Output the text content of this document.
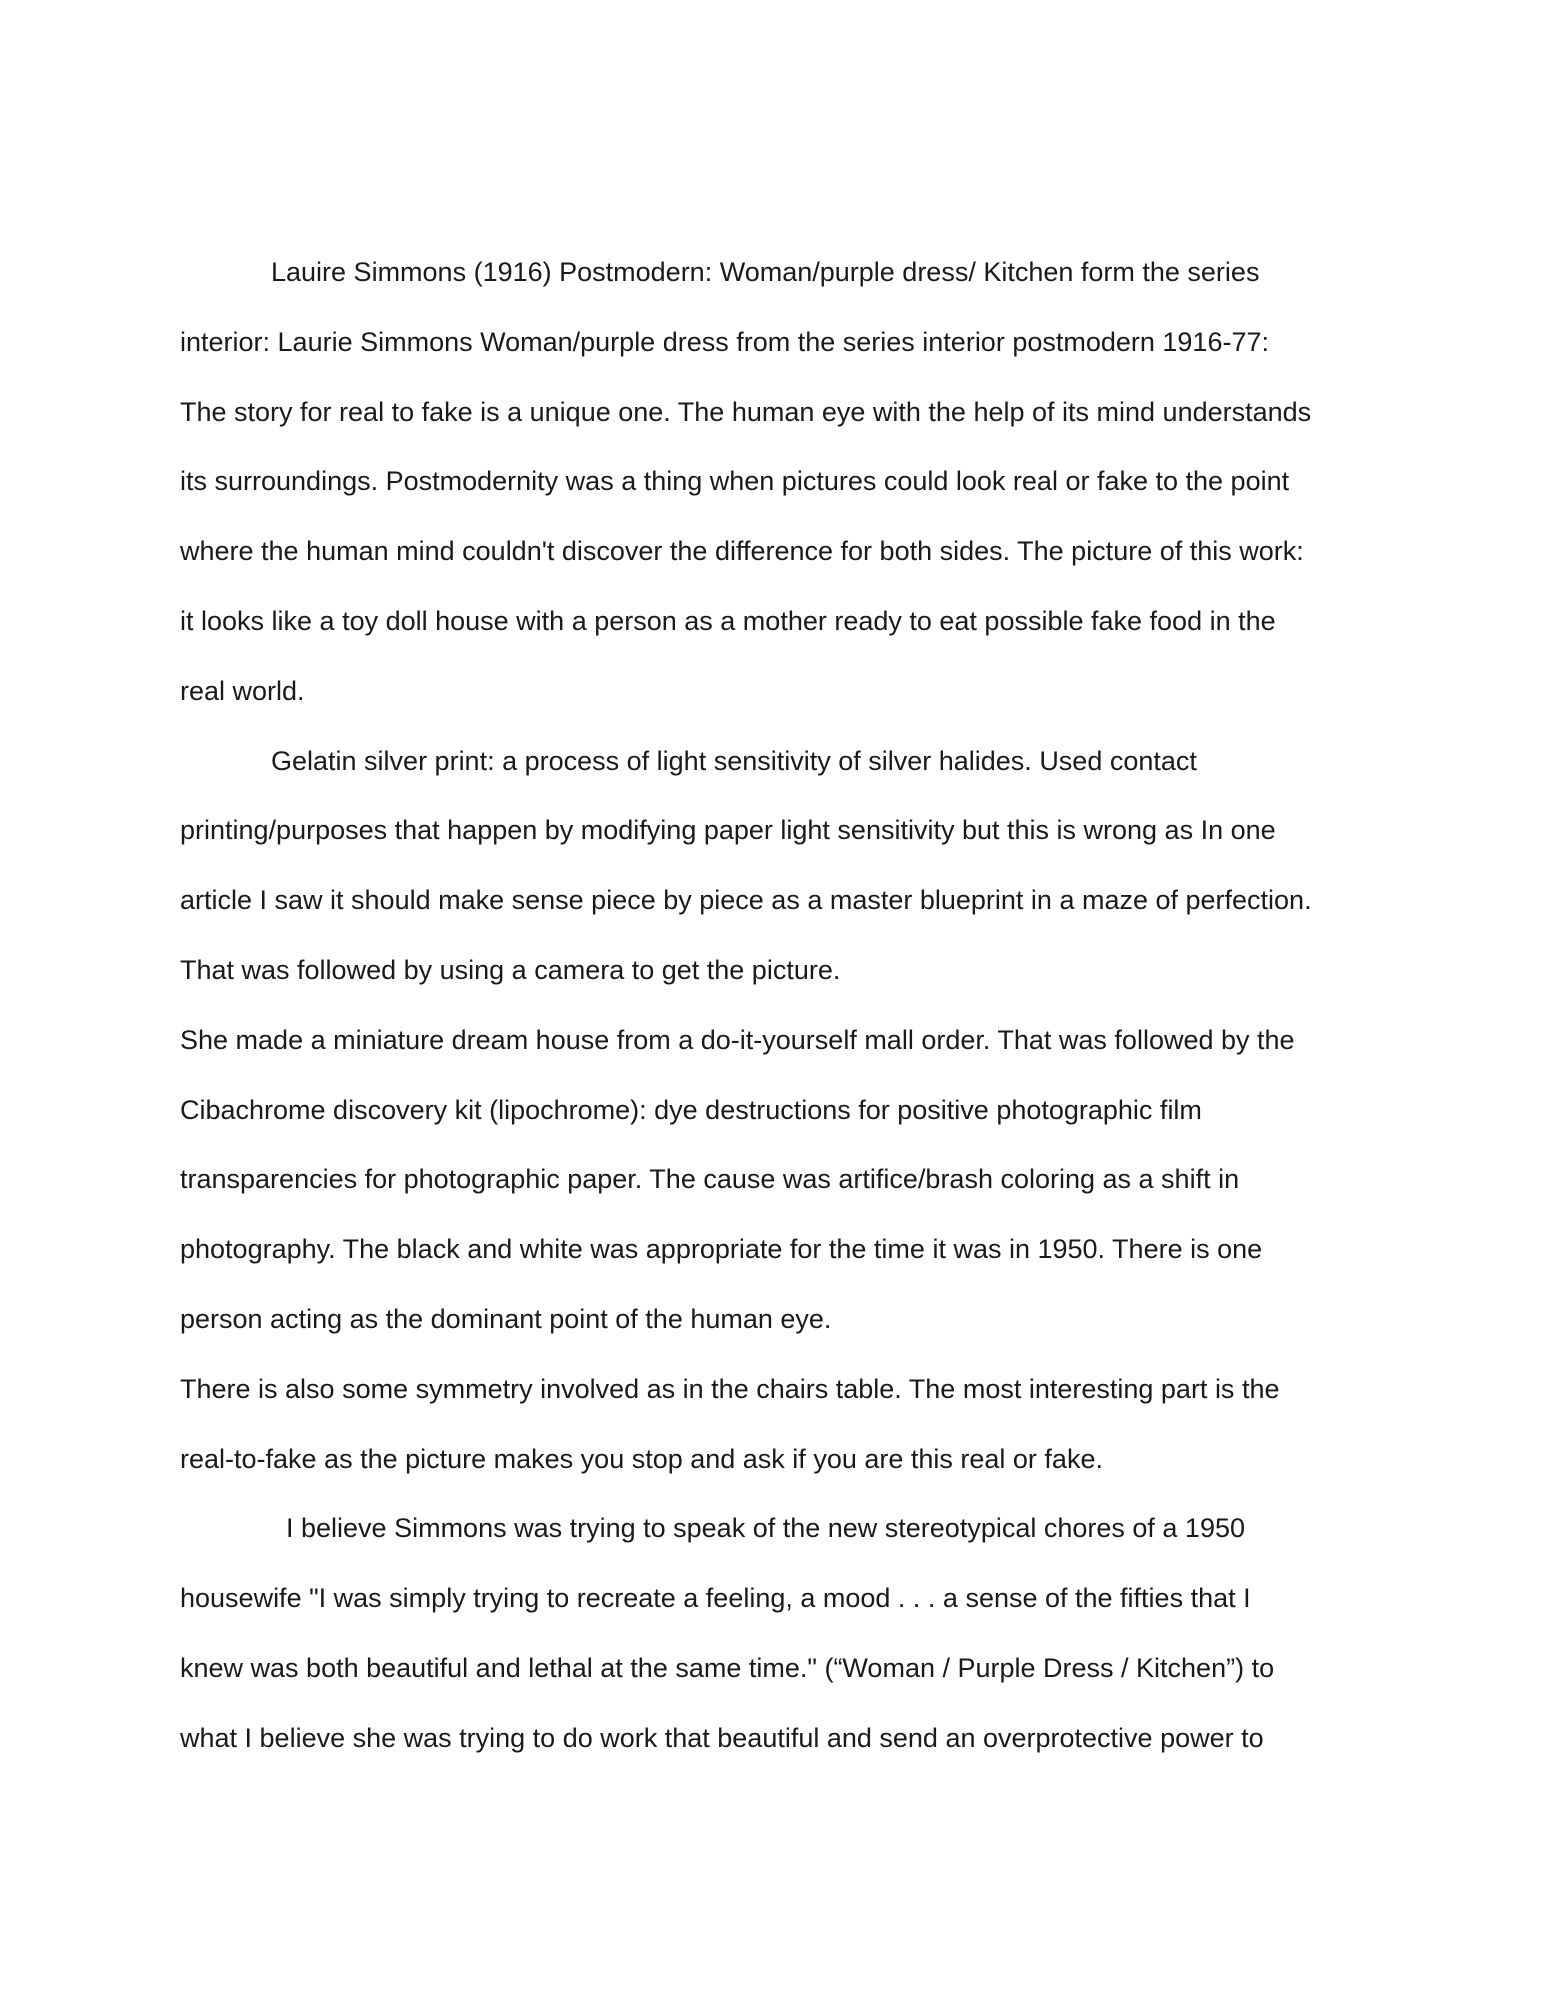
Lauire Simmons (1916) Postmodern: Woman/purple dress/ Kitchen form the series
interior: Laurie Simmons Woman/purple dress from the series interior postmodern 1916-77:
The story for real to fake is a unique one. The human eye with the help of its mind understands
its surroundings. Postmodernity was a thing when pictures could look real or fake to the point
where the human mind couldn't discover the difference for both sides. The picture of this work:
it looks like a toy doll house with a person as a mother ready to eat possible fake food in the
real world.
Gelatin silver print: a process of light sensitivity of silver halides. Used contact
printing/purposes that happen by modifying paper light sensitivity but this is wrong as In one
article I saw it should make sense piece by piece as a master blueprint in a maze of perfection.
That was followed by using a camera to get the picture.
She made a miniature dream house from a do-it-yourself mall order. That was followed by the
Cibachrome discovery kit (lipochrome): dye destructions for positive photographic film
transparencies for photographic paper. The cause was artifice/brash coloring as a shift in
photography. The black and white was appropriate for the time it was in 1950. There is one
person acting as the dominant point of the human eye.
There is also some symmetry involved as in the chairs table. The most interesting part is the
real-to-fake as the picture makes you stop and ask if you are this real or fake.
I believe Simmons was trying to speak of the new stereotypical chores of a 1950
housewife "I was simply trying to recreate a feeling, a mood . . . a sense of the fifties that I
knew was both beautiful and lethal at the same time." (“Woman / Purple Dress / Kitchen”) to
what I believe she was trying to do work that beautiful and send an overprotective power to
